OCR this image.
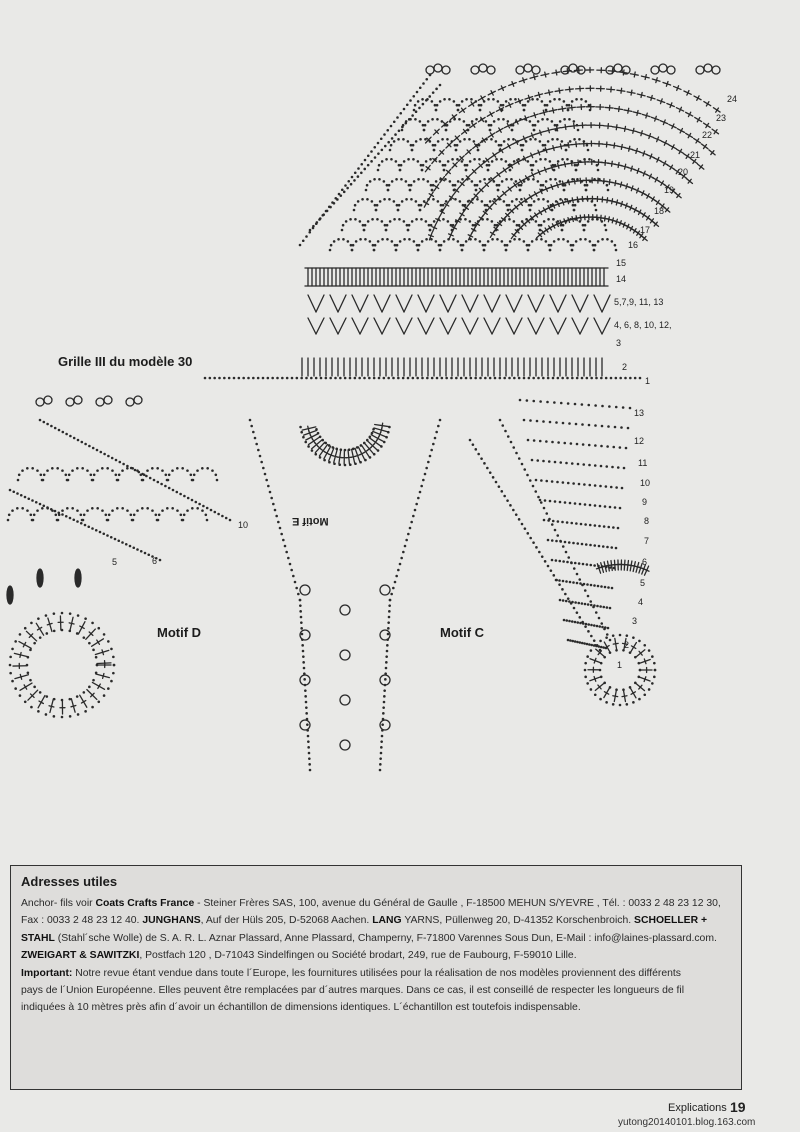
Grille III du modèle 30
Motif D	Motif C
Motif E
24
23
22
21
20
19
18
17
16
15
14
5,7,9, 11, 13
4, 6, 8, 10, 12,
3
2
1
13
12
11
10
9
8
7
6
5
4
3
2
1
10
6
5
Adresses utiles

Anchor- fils voir Coats Crafts France - Steiner Frères SAS, 100, avenue du Général de Gaulle , F-18500 MEHUN S/YEVRE , Tél. : 0033 2 48 23 12 30,
Fax : 0033 2 48 23 12 40. JUNGHANS, Auf der Hüls 205, D-52068 Aachen. LANG YARNS, Püllenweg 20, D-41352 Korschenbroich. SCHOELLER +
STAHL (Stahl´sche Wolle) de S. A. R. L. Aznar Plassard, Anne Plassard, Champerny, F-71800 Varennes Sous Dun, E-Mail : info@laines-plassard.com.
ZWEIGART & SAWITZKI, Postfach 120 , D-71043 Sindelfingen ou Société brodart, 249, rue de Faubourg, F-59010 Lille.
Important: Notre revue étant vendue dans toute l´Europe, les fournitures utilisées pour la réalisation de nos modèles proviennent des différents
pays de l´Union Européenne. Elles peuvent être remplacées par d´autres marques. Dans ce cas, il est conseillé de respecter les longueurs de fil
indiquées à 10 mètres près afin d´avoir un échantillon de dimensions identiques. L´échantillon est toutefois indispensable.

Explications 19
yutong20140101.blog.163.com
